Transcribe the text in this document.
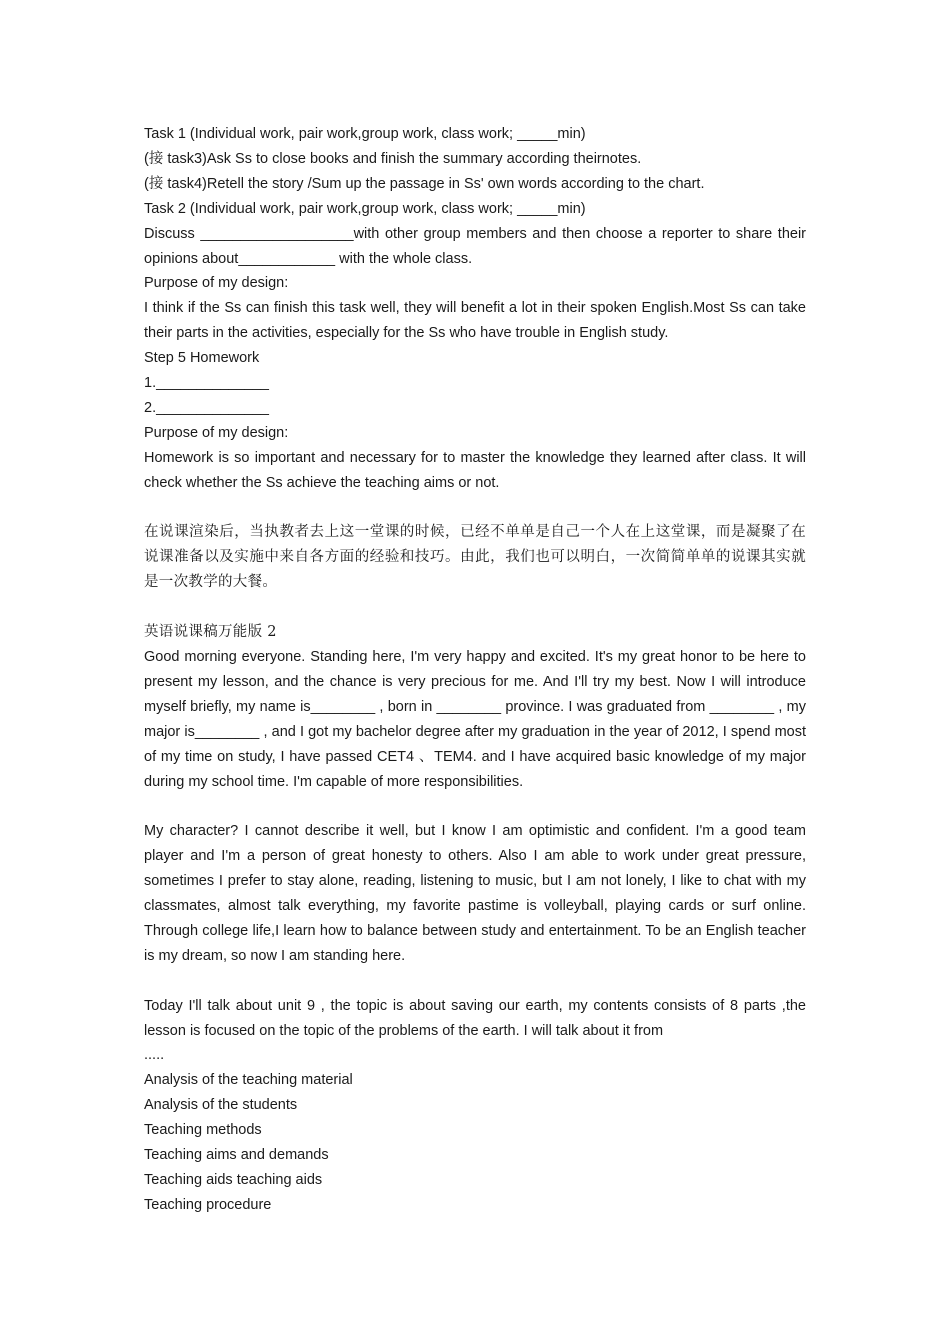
Task 1 (Individual work, pair work,group work, class work; _____min)

(接 task3)Ask Ss to close books and finish the summary according theirnotes.

(接 task4)Retell the story /Sum up the passage in Ss' own words according to the chart.

Task 2 (Individual work, pair work,group work, class work; _____min)

Discuss ___________________with other group members and then choose a reporter to share their opinions about____________ with the whole class.

Purpose of my design:

I think if the Ss can finish this task well, they will benefit a lot in their spoken English.Most Ss can take their parts in the activities, especially for the Ss who have trouble in English study.

Step 5 Homework

1.______________

2.______________

Purpose of my design:

Homework is so important and necessary for to master the knowledge they learned after class. It will check whether the Ss achieve the teaching aims or not.

在说课渲染后，当执教者去上这一堂课的时候，已经不单单是自己一个人在上这堂课，而是凝聚了在说课准备以及实施中来自各方面的经验和技巧。由此，我们也可以明白，一次简简单单的说课其实就是一次教学的大餐。

英语说课稿万能版 2

Good morning everyone. Standing here, I'm very happy and excited. It's my great honor to be here to present my lesson, and the chance is very precious for me. And I'll try my best. Now I will introduce myself briefly, my name is________ , born in ________ province. I was graduated from ________ , my major is________ , and I got my bachelor degree after my graduation in the year of 2012, I spend most of my time on study, I have passed CET4 、TEM4. and I have acquired basic knowledge of my major during my school time. I'm capable of more responsibilities.

My character? I cannot describe it well, but I know I am optimistic and confident. I'm a good team player and I'm a person of great honesty to others. Also I am able to work under great pressure, sometimes I prefer to stay alone, reading, listening to music, but I am not lonely, I like to chat with my classmates, almost talk everything, my favorite pastime is volleyball, playing cards or surf online. Through college life,I learn how to balance between study and entertainment. To be an English teacher is my dream, so now I am standing here.

Today I'll talk about unit 9 , the topic is about saving our earth, my contents consists of 8 parts ,the lesson is focused on the topic of the problems of the earth. I will talk about it from

.....

Analysis of the teaching material

Analysis of the students

Teaching methods

Teaching aims and demands

Teaching aids teaching aids

Teaching procedure
